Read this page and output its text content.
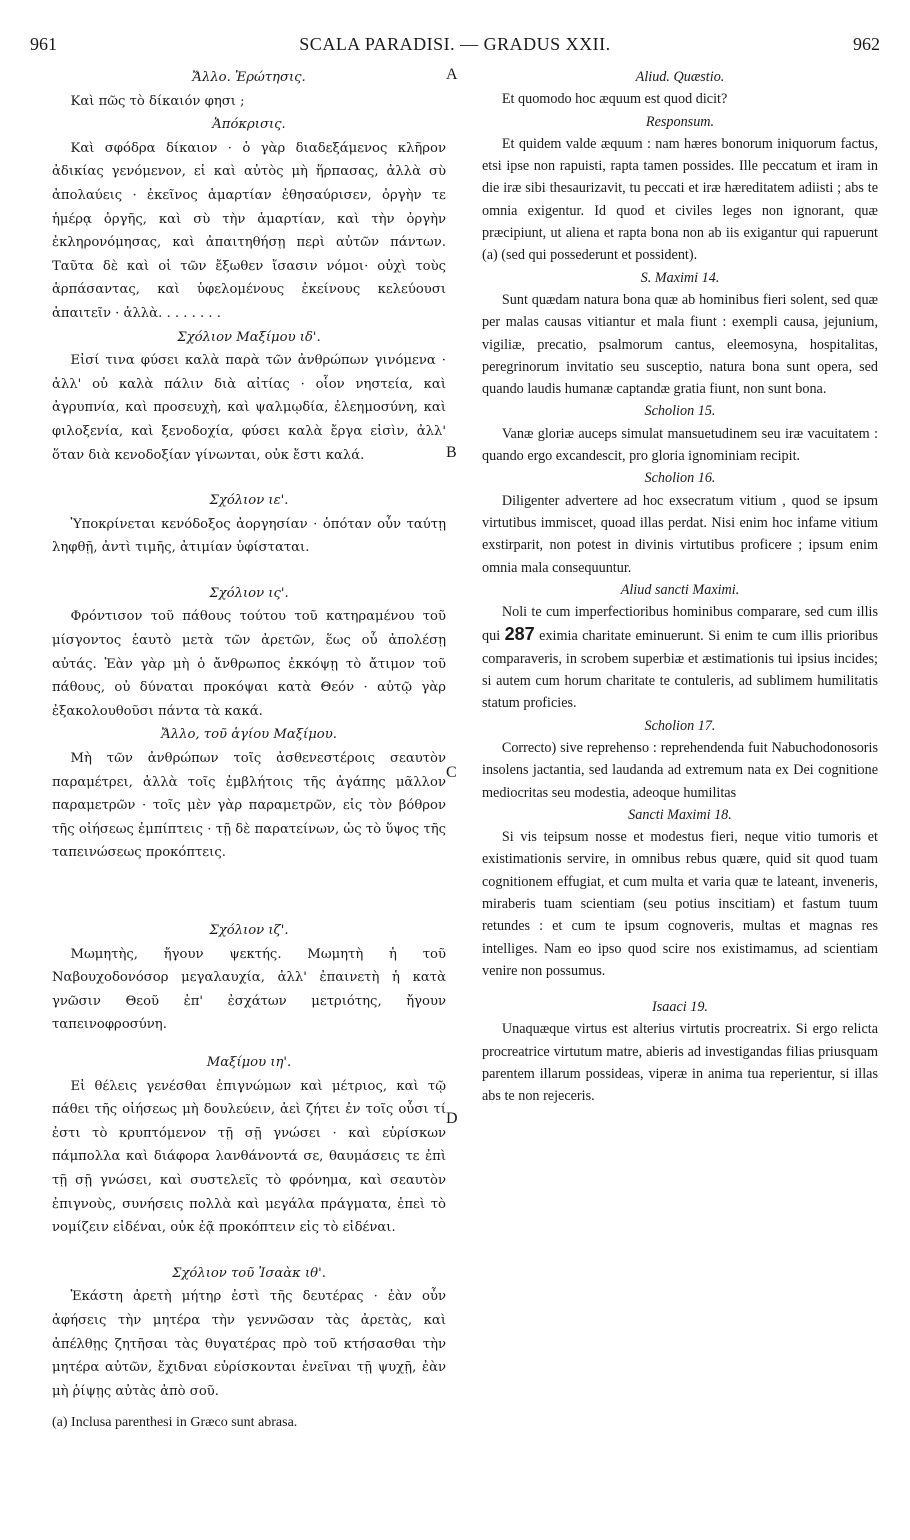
961	SCALA PARADISI. — GRADUS XXII.	962
A
B
C
D
Ἄλλο. Ἐρώτησις.
Καὶ πῶς τὸ δίκαιόν φησι ;
Ἀπόκρισις.
Καὶ σφόδρα δίκαιον · ὁ γὰρ διαδεξάμενος κλῆρον ἀδικίας γενόμενον, εἰ καὶ αὐτὸς μὴ ἥρπασας, ἀλλὰ σὺ ἀπολαύεις · ἐκεῖνος ἁμαρτίαν ἐθησαύρισεν, ὀργὴν τε ἡμέρᾳ ὀργῆς, καὶ σὺ τὴν ἁμαρτίαν, καὶ τὴν ὀργὴν ἐκληρονόμησας, καὶ ἀπαιτηθήσῃ περὶ αὐτῶν πάντων. Ταῦτα δὲ καὶ οἱ τῶν ἔξωθεν ἴσασιν νόμοι· οὐχὶ τοὺς ἁρπάσαντας, καὶ ὑφελομένους ἐκείνους κελεύουσι ἀπαιτεῖν · ἀλλὰ. . . . . . . .
Σχόλιον Μαξίμου ιδ'.
Εἰσί τινα φύσει καλὰ παρὰ τῶν ἀνθρώπων γινόμενα · ἀλλ' οὐ καλὰ πάλιν διὰ αἰτίας · οἷον νηστεία, καὶ ἀγρυπνία, καὶ προσευχὴ, καὶ ψαλμῳδία, ἐλεημοσύνη, καὶ φιλοξενία, καὶ ξενοδοχία, φύσει καλὰ ἔργα εἰσὶν, ἀλλ' ὅταν διὰ κενοδοξίαν γίνωνται, οὐκ ἔστι καλά.
Σχόλιον ιε'.
Ὑποκρίνεται κενόδοξος ἀοργησίαν · ὁπόταν οὖν ταύτῃ ληφθῇ, ἀντὶ τιμῆς, ἀτιμίαν ὑφίσταται.
Σχόλιον ις'.
Φρόντισον τοῦ πάθους τούτου τοῦ κατηραμένου τοῦ μίσγοντος ἑαυτὸ μετὰ τῶν ἀρετῶν, ἕως οὗ ἀπολέσῃ αὐτάς. Ἐὰν γὰρ μὴ ὁ ἄνθρωπος ἐκκόψῃ τὸ ἄτιμον τοῦ πάθους, οὐ δύναται προκόψαι κατὰ Θεόν · αὐτῷ γὰρ ἐξακολουθοῦσι πάντα τὰ κακά.
Ἄλλο, τοῦ ἁγίου Μαξίμου.
Μὴ τῶν ἀνθρώπων τοῖς ἀσθενεστέροις σεαυτὸν παραμέτρει, ἀλλὰ τοῖς ἐμβλήτοις τῆς ἀγάπης μᾶλλον παραμετρῶν · τοῖς μὲν γὰρ παραμετρῶν, εἰς τὸν βόθρον τῆς οἰήσεως ἐμπίπτεις · τῇ δὲ παρατείνων, ὡς τὸ ὕψος τῆς ταπεινώσεως προκόπτεις.
Σχόλιον ιζ'.
Μωμητὴς, ἤγουν ψεκτής. Μωμητὴ ἡ τοῦ Ναβουχοδονόσορ μεγαλαυχία, ἀλλ' ἐπαινετὴ ἡ κατὰ γνῶσιν Θεοῦ ἐπ' ἐσχάτων μετριότης, ἤγουν ταπεινοφροσύνη.
Μαξίμου ιη'.
Εἰ θέλεις γενέσθαι ἐπιγνώμων καὶ μέτριος, καὶ τῷ πάθει τῆς οἰήσεως μὴ δουλεύειν, ἀεὶ ζήτει ἐν τοῖς οὖσι τί ἐστι τὸ κρυπτόμενον τῇ σῇ γνώσει · καὶ εὑρίσκων πάμπολλα καὶ διάφορα λανθάνοντά σε, θαυμάσεις τε ἐπὶ τῇ σῇ γνώσει, καὶ συστελεῖς τὸ φρόνημα, καὶ σεαυτὸν ἐπιγνοὺς, συνήσεις πολλὰ καὶ μεγάλα πράγματα, ἐπεὶ τὸ νομίζειν εἰδέναι, οὐκ ἐᾷ προκόπτειν εἰς τὸ εἰδέναι.
Σχόλιον τοῦ Ἰσαὰκ ιθ'.
Ἑκάστη ἀρετὴ μήτηρ ἐστὶ τῆς δευτέρας · ἐὰν οὖν ἀφήσεις τὴν μητέρα τὴν γεννῶσαν τὰς ἀρετὰς, καὶ ἀπέλθῃς ζητῆσαι τὰς θυγατέρας πρὸ τοῦ κτήσασθαι τὴν μητέρα αὐτῶν, ἔχιδναι εὑρίσκονται ἐνεῖναι τῇ ψυχῇ, ἐὰν μὴ ῥίψῃς αὐτὰς ἀπὸ σοῦ.
(a) Inclusa parenthesi in Græco sunt abrasa.
Aliud. Quæstio.
Et quomodo hoc æquum est quod dicit?
Responsum.
Et quidem valde æquum : nam hæres bonorum iniquorum factus, etsi ipse non rapuisti, rapta tamen possides. Ille peccatum et iram in die iræ sibi thesaurizavit, tu peccati et iræ hæreditatem adiisti ; abs te omnia exigentur. Id quod et civiles leges non ignorant, quæ præcipiunt, ut aliena et rapta bona non ab iis exigantur qui rapuerunt (a) (sed qui possederunt et possident).
S. Maximi 14.
Sunt quædam natura bona quæ ab hominibus fieri solent, sed quæ per malas causas vitiantur et mala fiunt : exempli causa, jejunium, vigiliæ, precatio, psalmorum cantus, eleemosyna, hospitalitas, peregrinorum invitatio seu susceptio, natura bona sunt opera, sed quando laudis humanæ captandæ gratia fiunt, non sunt bona.
Scholion 15.
Vanæ gloriæ auceps simulat mansuetudinem seu iræ vacuitatem : quando ergo excandescit, pro gloria ignominiam recipit.
Scholion 16.
Diligenter advertere ad hoc exsecratum vitium , quod se ipsum virtutibus immiscet, quoad illas perdat. Nisi enim hoc infame vitium exstirparit, non potest in divinis virtutibus proficere ; ipsum enim omnia mala consequuntur.
Aliud sancti Maximi.
Noli te cum imperfectioribus hominibus comparare, sed cum illis qui 287 eximia charitate eminuerunt. Si enim te cum illis prioribus comparaveris, in scrobem superbiæ et æstimationis tui ipsius incides; si autem cum horum charitate te contuleris, ad sublimem humilitatis statum proficies.
Scholion 17.
Correcto) sive reprehenso : reprehendenda fuit Nabuchodonosoris insolens jactantia, sed laudanda ad extremum nata ex Dei cognitione mediocritas seu modestia, adeoque humilitas
Sancti Maximi 18.
Si vis teipsum nosse et modestus fieri, neque vitio tumoris et existimationis servire, in omnibus rebus quære, quid sit quod tuam cognitionem effugiat, et cum multa et varia quæ te lateant, inveneris, miraberis tuam scientiam (seu potius inscitiam) et fastum tuum retundes : et cum te ipsum cognoveris, multas et magnas res intelliges. Nam eo ipso quod scire nos existimamus, ad scientiam venire non possumus.
Isaaci 19.
Unaquæque virtus est alterius virtutis procreatrix. Si ergo relicta procreatrice virtutum matre, abieris ad investigandas filias priusquam parentem illarum possideas, viperæ in anima tua reperientur, si illas abs te non rejeceris.
